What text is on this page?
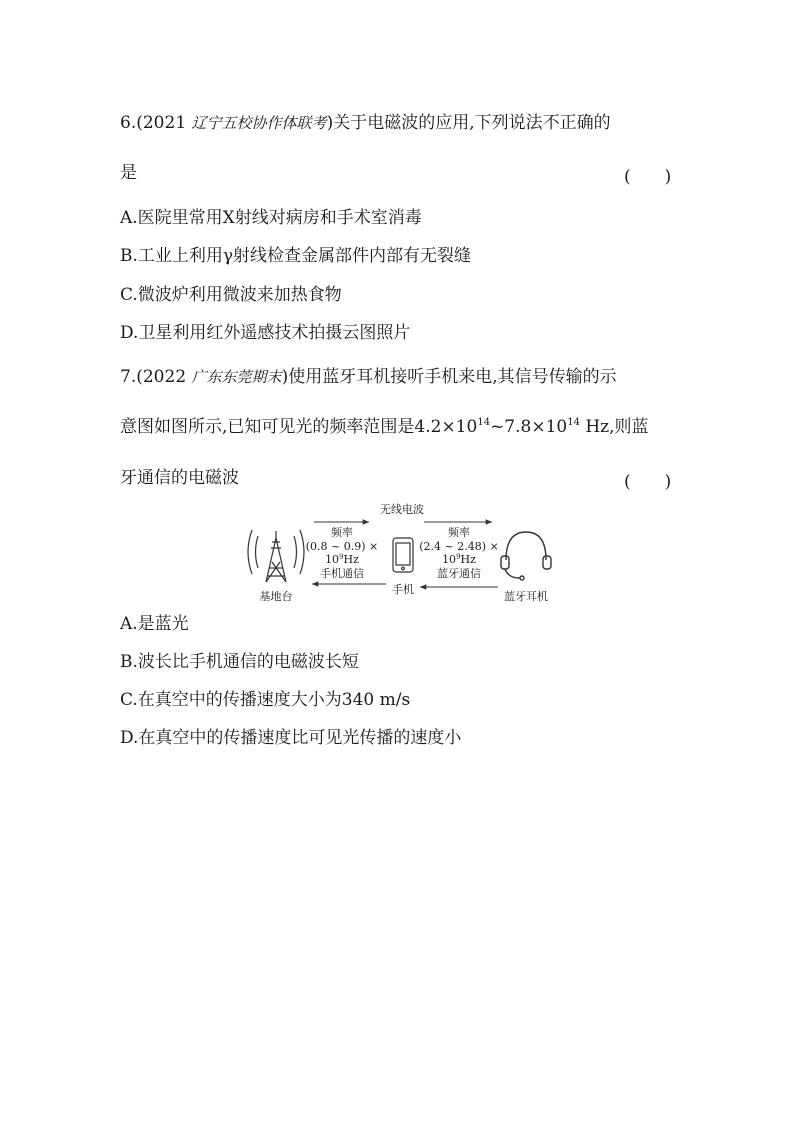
6.(2021 辽宁五校协作体联考)关于电磁波的应用,下列说法不正确的
是	(　　)
A.医院里常用X射线对病房和手术室消毒
B.工业上利用γ射线检查金属部件内部有无裂缝
C.微波炉利用微波来加热食物
D.卫星利用红外遥感技术拍摄云图照片
7.(2022 广东东莞期末)使用蓝牙耳机接听手机来电,其信号传输的示
意图如图所示,已知可见光的频率范围是$4.2\times 10^{14}\sim 7.8\times 10^{14}$ Hz,则蓝
牙通信的电磁波	(　　)
基地台
手机
蓝牙耳机
无线电波
频率
(0.8 ~ 0.9) ×
$10^9Hz$
手机通信
频率
(2.4 ~ 2.48) ×
$10^9Hz$
蓝牙通信
A.是蓝光
B.波长比手机通信的电磁波长短
C.在真空中的传播速度大小为340 m/s
D.在真空中的传播速度比可见光传播的速度小
